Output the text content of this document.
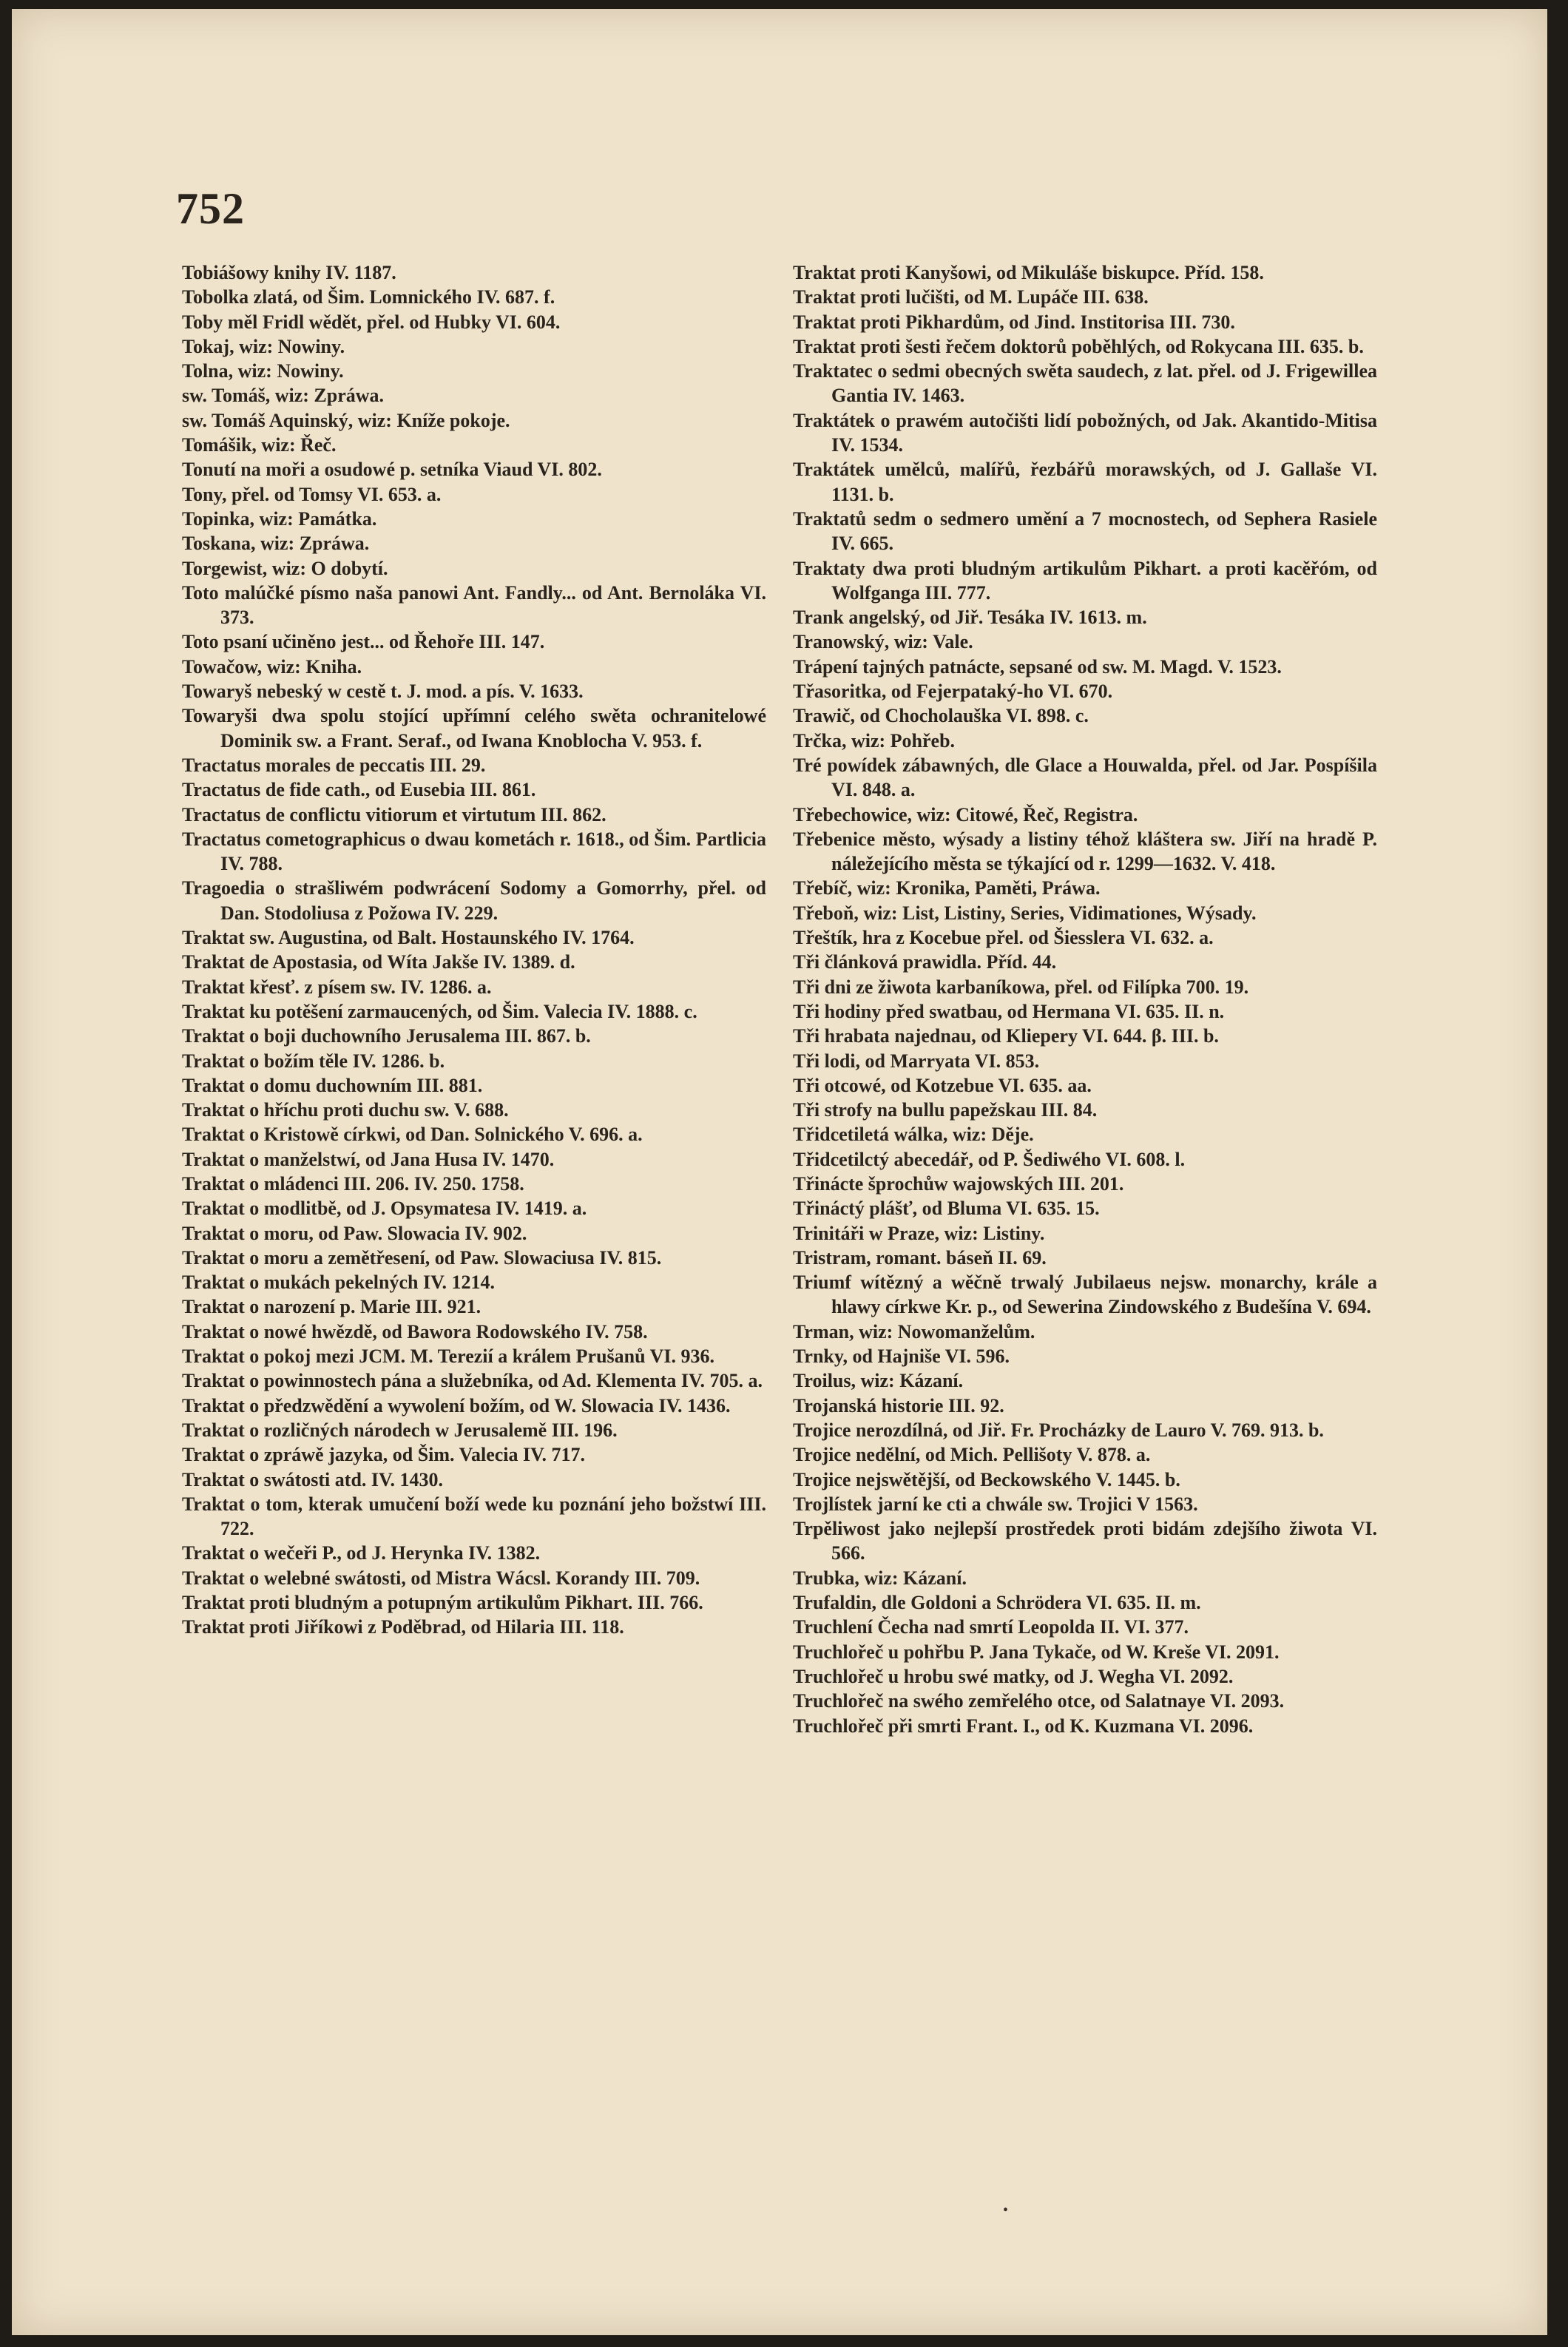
752
Tobiášowy knihy IV. 1187.
Tobolka zlatá, od Šim. Lomnického IV. 687. f.
Toby měl Fridl wědět, přel. od Hubky VI. 604.
Tokaj, wiz: Nowiny.
Tolna, wiz: Nowiny.
sw. Tomáš, wiz: Zpráwa.
sw. Tomáš Aquinský, wiz: Kníže pokoje.
Tomášik, wiz: Řeč.
Tonutí na moři a osudowé p. setníka Viaud VI. 802.
Tony, přel. od Tomsy VI. 653. a.
Topinka, wiz: Památka.
Toskana, wiz: Zpráwa.
Torgewist, wiz: O dobytí.
Toto malúčké písmo naša panowi Ant. Fandly... od Ant. Bernoláka VI. 373.
Toto psaní učiněno jest... od Řehoře III. 147.
Towačow, wiz: Kniha.
Towaryš nebeský w cestě t. J. mod. a pís. V. 1633.
Towaryši dwa spolu stojící upřímní celého swěta ochranitelowé Dominik sw. a Frant. Seraf., od Iwana Knoblocha V. 953. f.
Tractatus morales de peccatis III. 29.
Tractatus de fide cath., od Eusebia III. 861.
Tractatus de conflictu vitiorum et virtutum III. 862.
Tractatus cometographicus o dwau kometách r. 1618., od Šim. Partlicia IV. 788.
Tragoedia o strašliwém podwrácení Sodomy a Gomorrhy, přel. od Dan. Stodoliusa z Požowa IV. 229.
Traktat sw. Augustina, od Balt. Hostaunského IV. 1764.
Traktat de Apostasia, od Wíta Jakše IV. 1389. d.
Traktat křesť. z písem sw. IV. 1286. a.
Traktat ku potěšení zarmaucených, od Šim. Valecia IV. 1888. c.
Traktat o boji duchowního Jerusalema III. 867. b.
Traktat o božím těle IV. 1286. b.
Traktat o domu duchowním III. 881.
Traktat o hříchu proti duchu sw. V. 688.
Traktat o Kristowě církwi, od Dan. Solnického V. 696. a.
Traktat o manželstwí, od Jana Husa IV. 1470.
Traktat o mládenci III. 206. IV. 250. 1758.
Traktat o modlitbě, od J. Opsymatesa IV. 1419. a.
Traktat o moru, od Paw. Slowacia IV. 902.
Traktat o moru a zemětřesení, od Paw. Slowaciusa IV. 815.
Traktat o mukách pekelných IV. 1214.
Traktat o narození p. Marie III. 921.
Traktat o nowé hwězdě, od Bawora Rodowského IV. 758.
Traktat o pokoj mezi JCM. M. Terezií a králem Prušanů VI. 936.
Traktat o powinnostech pána a služebníka, od Ad. Klementa IV. 705. a.
Traktat o předzwědění a wywolení božím, od W. Slowacia IV. 1436.
Traktat o rozličných národech w Jerusalemě III. 196.
Traktat o zpráwě jazyka, od Šim. Valecia IV. 717.
Traktat o swátosti atd. IV. 1430.
Traktat o tom, kterak umučení boží wede ku poznání jeho božstwí III. 722.
Traktat o wečeři P., od J. Herynka IV. 1382.
Traktat o welebné swátosti, od Mistra Wácsl. Korandy III. 709.
Traktat proti bludným a potupným artikulům Pikhart. III. 766.
Traktat proti Jiříkowi z Poděbrad, od Hilaria III. 118.
Traktat proti Kanyšowi, od Mikuláše biskupce. Příd. 158.
Traktat proti lučišti, od M. Lupáče III. 638.
Traktat proti Pikhardům, od Jind. Institorisa III. 730.
Traktat proti šesti řečem doktorů poběhlých, od Rokycana III. 635. b.
Traktatec o sedmi obecných swěta saudech, z lat. přel. od J. Frigewillea Gantia IV. 1463.
Traktátek o prawém autočišti lidí pobožných, od Jak. Akantido-Mitisa IV. 1534.
Traktátek umělců, malířů, řezbářů morawských, od J. Gallaše VI. 1131. b.
Traktatů sedm o sedmero umění a 7 mocnostech, od Sephera Rasiele IV. 665.
Traktaty dwa proti bludným artikulům Pikhart. a proti kacěřóm, od Wolfganga III. 777.
Trank angelský, od Jiř. Tesáka IV. 1613. m.
Tranowský, wiz: Vale.
Trápení tajných patnácte, sepsané od sw. M. Magd. V. 1523.
Třasoritka, od Fejerpataký-ho VI. 670.
Trawič, od Chocholauška VI. 898. c.
Trčka, wiz: Pohřeb.
Tré powídek zábawných, dle Glace a Houwalda, přel. od Jar. Pospíšila VI. 848. a.
Třebechowice, wiz: Citowé, Řeč, Registra.
Třebenice město, wýsady a listiny téhož kláštera sw. Jiří na hradě P. náležejícího města se týkající od r. 1299—1632. V. 418.
Třebíč, wiz: Kronika, Paměti, Práwa.
Třeboň, wiz: List, Listiny, Series, Vidimationes, Wýsady.
Třeštík, hra z Kocebue přel. od Šiesslera VI. 632. a.
Tři článková prawidla. Příd. 44.
Tři dni ze žiwota karbaníkowa, přel. od Filípka 700. 19.
Tři hodiny před swatbau, od Hermana VI. 635. II. n.
Tři hrabata najednau, od Kliepery VI. 644. β. III. b.
Tři lodi, od Marryata VI. 853.
Tři otcowé, od Kotzebue VI. 635. aa.
Tři strofy na bullu papežskau III. 84.
Třidcetiletá wálka, wiz: Děje.
Třidcetilctý abecedář, od P. Šediwého VI. 608. l.
Třinácte šprochůw wajowských III. 201.
Třináctý plášť, od Bluma VI. 635. 15.
Trinitáři w Praze, wiz: Listiny.
Tristram, romant. báseň II. 69.
Triumf wítězný a wěčně trwalý Jubilaeus nejsw. monarchy, krále a hlawy církwe Kr. p., od Sewerina Zindowského z Budešína V. 694.
Trman, wiz: Nowomanželům.
Trnky, od Hajniše VI. 596.
Troilus, wiz: Kázaní.
Trojanská historie III. 92.
Trojice nerozdílná, od Jiř. Fr. Procházky de Lauro V. 769. 913. b.
Trojice nedělní, od Mich. Pellišoty V. 878. a.
Trojice nejswětější, od Beckowského V. 1445. b.
Trojlístek jarní ke cti a chwále sw. Trojici V 1563.
Trpěliwost jako nejlepší prostředek proti bidám zdejšího žiwota VI. 566.
Trubka, wiz: Kázaní.
Trufaldin, dle Goldoni a Schrödera VI. 635. II. m.
Truchlení Čecha nad smrtí Leopolda II. VI. 377.
Truchlořeč u pohřbu P. Jana Tykače, od W. Kreše VI. 2091.
Truchlořeč u hrobu swé matky, od J. Wegha VI. 2092.
Truchlořeč na swého zemřelého otce, od Salatnaye VI. 2093.
Truchlořeč při smrti Frant. I., od K. Kuzmana VI. 2096.
•
